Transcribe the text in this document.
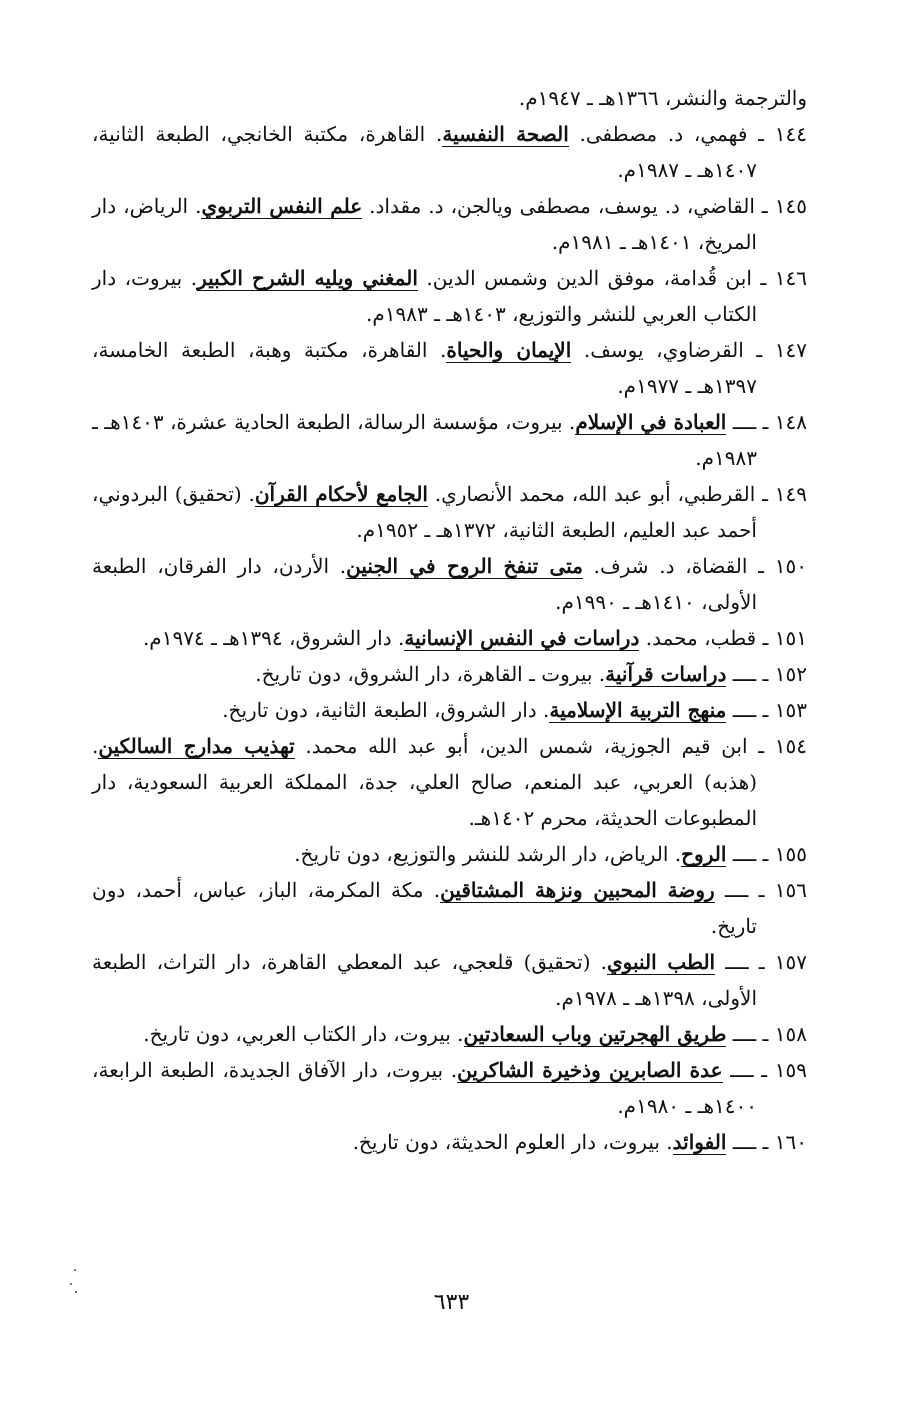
والترجمة والنشر، ١٣٦٦هـ ـ ١٩٤٧م.

١٤٤ ـ فهمي، د. مصطفى. الصحة النفسية. القاهرة، مكتبة الخانجي، الطبعة الثانية، ١٤٠٧هـ ـ ١٩٨٧م.

١٤٥ ـ القاضي، د. يوسف، مصطفى وياﻟﺠﻦ، د. مقداد. علم النفس التربوي. الرياض، دار المريخ، ١٤٠١هـ ـ ١٩٨١م.

١٤٦ ـ ابن قُدامة، موفق الدين وشمس الدين. المغني ويليه الشرح الكبير. بيروت، دار الكتاب العربي للنشر والتوزيع، ١٤٠٣هـ ـ ١٩٨٣م.

١٤٧ ـ القرضاوي، يوسف. الإيمان والحياة. القاهرة، مكتبة وهبة، الطبعة الخامسة، ١٣٩٧هـ ـ ١٩٧٧م.

١٤٨ ـ ــــ العبادة في الإسلام. بيروت، مؤسسة الرسالة، الطبعة الحادية عشرة، ١٤٠٣هـ ـ ١٩٨٣م.

١٤٩ ـ القرطبي، أبو عبد الله، محمد الأنصاري. الجامع لأحكام القرآن. (تحقيق) البردوني، أحمد عبد العليم، الطبعة الثانية، ١٣٧٢هـ ـ ١٩٥٢م.

١٥٠ ـ القضاة، د. شرف. متى تنفخ الروح في الجنين. الأردن، دار الفرقان، الطبعة الأولى، ١٤١٠هـ ـ ١٩٩٠م.

١٥١ ـ قطب، محمد. دراسات في النفس الإنسانية. دار الشروق، ١٣٩٤هـ ـ ١٩٧٤م.

١٥٢ ـ ــــ دراسات قرآنية. بيروت ـ القاهرة، دار الشروق، دون تاريخ.

١٥٣ ـ ــــ منهج التربية الإسلامية. دار الشروق، الطبعة الثانية، دون تاريخ.

١٥٤ ـ ابن قيم الجوزية، شمس الدين، أبو عبد الله محمد. تهذيب مدارج السالكين. (هذبه) العربي، عبد المنعم، صالح العلي، جدة، المملكة العربية السعودية، دار المطبوعات الحديثة، محرم ١٤٠٢هـ.

١٥٥ ـ ــــ الروح. الرياض، دار الرشد للنشر والتوزيع، دون تاريخ.

١٥٦ ـ ــــ روضة المحبين ونزهة المشتاقين. مكة المكرمة، الباز، عباس، أحمد، دون تاريخ.

١٥٧ ـ ــــ الطب النبوي. (تحقيق) قلعجي، عبد المعطي القاهرة، دار التراث، الطبعة الأولى، ١٣٩٨هـ ـ ١٩٧٨م.

١٥٨ ـ ــــ طريق الهجرتين وباب السعادتين. بيروت، دار الكتاب العربي، دون تاريخ.

١٥٩ ـ ــــ عدة الصابرين وذخيرة الشاكرين. بيروت، دار الآفاق الجديدة، الطبعة الرابعة، ١٤٠٠هـ ـ ١٩٨٠م.

١٦٠ ـ ــــ الفوائد. بيروت، دار العلوم الحديثة، دون تاريخ.

٦٣٣
